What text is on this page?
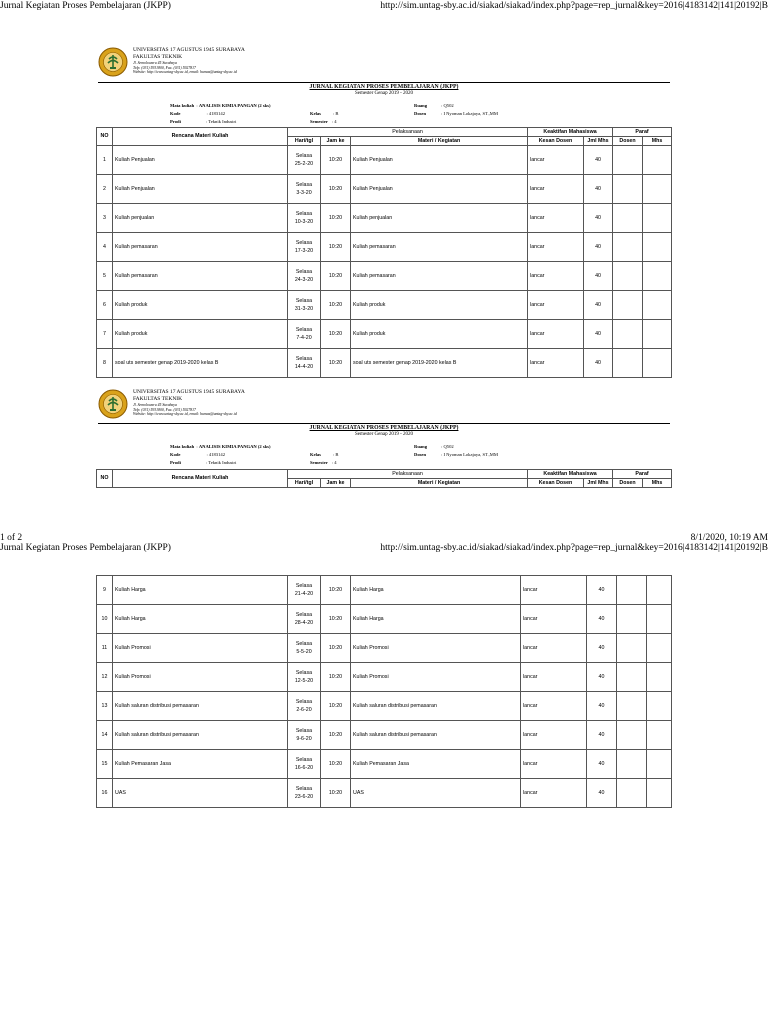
Jurnal Kegiatan Proses Pembelajaran (JKPP)	http://sim.untag-sby.ac.id/siakad/siakad/index.php?page=rep_jurnal&key=2016|4183142|141|20192|B
UNIVERSITAS 17 AGUSTUS 1945 SURABAYA
FAKULTAS TEKNIK
Jl. Semolowaru 45 Surabaya
Telp. (031) 5931800, Fax. (031) 5927817
Website: http://www.untag-sby.ac.id, email: humas@untag-sby.ac.id
JURNAL KEGIATAN PROSES PEMBELAJARAN (JKPP)
Semester Genap 2019 - 2020
Mata kuliah  : ANALISIS KIMIA PANGAN (2 sks)
Kode	: 4183142
Prodi	: Teknik Industri
Kelas	: B
Semester : 4
Ruang	: Q502
Dosen	: I Nyoman Lokajaya, ST.,MM
NO	Rencana Materi Kuliah	Pelaksanaan			Keaktifan Mahasiswa		Paraf	
		Hari/tgl	Jam ke	Materi / Kegiatan	Kesan Dosen	Jml Mhs	Dosen	Mhs
1	Kuliah Penjualan	Selasa
25-2-20	10:20	Kuliah Penjualan	lancar	40		
2	Kuliah Penjualan	Selasa
3-3-20	10:20	Kuliah Penjualan	lancar	40		
3	Kuliah penjualan	Selasa
10-3-20	10:20	Kuliah penjualan	lancar	40		
4	Kuliah pemasaran	Selasa
17-3-20	10:20	Kuliah pemasaran	lancar	40		
5	Kuliah pemasaran	Selasa
24-3-20	10:20	Kuliah pemasaran	lancar	40		
6	Kuliah produk	Selasa
31-3-20	10:20	Kuliah produk	lancar	40		
7	Kuliah produk	Selasa
7-4-20	10:20	Kuliah produk	lancar	40		
8	soal uts semester genap 2019-2020 kelas B	Selasa
14-4-20	10:20	soal uts semester genap 2019-2020 kelas B	lancar	40		
UNIVERSITAS 17 AGUSTUS 1945 SURABAYA
FAKULTAS TEKNIK
Jl. Semolowaru 45 Surabaya
Telp. (031) 5931800, Fax. (031) 5927817
Website: http://www.untag-sby.ac.id, email: humas@untag-sby.ac.id
JURNAL KEGIATAN PROSES PEMBELAJARAN (JKPP)
Semester Genap 2019 - 2020
Mata kuliah  : ANALISIS KIMIA PANGAN (2 sks)
Kode	: 4183142
Prodi	: Teknik Industri
Kelas	: B
Semester : 4
Ruang	: Q502
Dosen	: I Nyoman Lokajaya, ST.,MM
NO	Rencana Materi Kuliah	Pelaksanaan			Keaktifan Mahasiswa		Paraf	
		Hari/tgl	Jam ke	Materi / Kegiatan	Kesan Dosen	Jml Mhs	Dosen	Mhs
1 of 2	8/1/2020, 10:19 AM
Jurnal Kegiatan Proses Pembelajaran (JKPP)	http://sim.untag-sby.ac.id/siakad/siakad/index.php?page=rep_jurnal&key=2016|4183142|141|20192|B
9	Kuliah Harga	Selasa
21-4-20	10:20	Kuliah Harga	lancar	40		
10	Kuliah Harga	Selasa
28-4-20	10:20	Kuliah Harga	lancar	40		
11	Kuliah Promosi	Selasa
5-5-20	10:20	Kuliah Promosi	lancar	40		
12	Kuliah Promosi	Selasa
12-5-20	10:20	Kuliah Promosi	lancar	40		
13	Kuliah saluran distribusi pemasaran	Selasa
2-6-20	10:20	Kuliah saluran distribusi pemasaran	lancar	40		
14	Kuliah saluran distribusi pemasaran	Selasa
9-6-20	10:20	Kuliah saluran distribusi pemasaran	lancar	40		
15	Kuliah Pemasaran Jasa	Selasa
16-6-20	10:20	Kuliah Pemasaran Jasa	lancar	40		
16	UAS	Selasa
23-6-20	10:20	UAS	lancar	40		
